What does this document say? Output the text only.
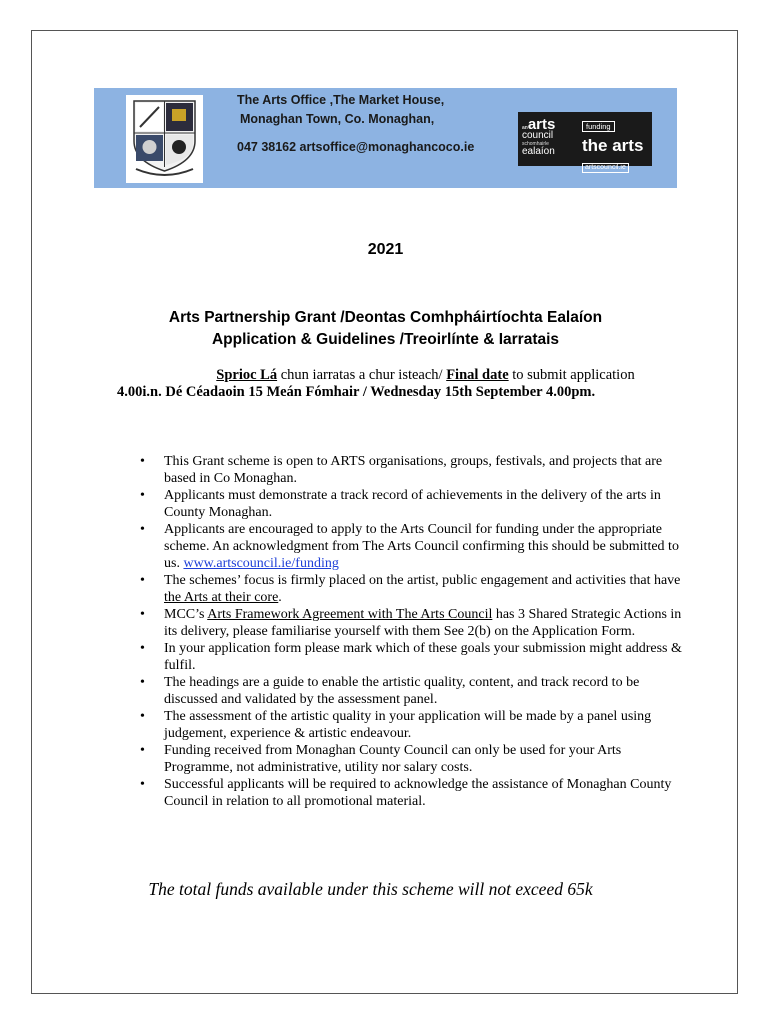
The Arts Office ,The Market House,
Monaghan Town, Co. Monaghan,
047 38162 artsoffice@monaghancoco.ie
anarts
council
schomhairle
ealaíon
funding
the arts
artscouncil.ie
2021
Arts Partnership Grant /Deontas Comhpháirtíochta Ealaíon
Application & Guidelines /Treoirlínte & Iarratais
Sprioc Lá chun iarratas a chur isteach/ Final date to submit application
4.00i.n. Dé Céadaoin 15 Meán Fómhair / Wednesday 15th September 4.00pm.
• This Grant scheme is open to ARTS organisations, groups, festivals, and projects that are based in Co Monaghan.
• Applicants must demonstrate a track record of achievements in the delivery of the arts in County Monaghan.
• Applicants are encouraged to apply to the Arts Council for funding under the appropriate scheme. An acknowledgment from The Arts Council confirming this should be submitted to us. www.artscouncil.ie/funding
• The schemes’ focus is firmly placed on the artist, public engagement and activities that have the Arts at their core.
• MCC’s Arts Framework Agreement with The Arts Council has 3 Shared Strategic Actions in its delivery, please familiarise yourself with them See 2(b) on the Application Form.
• In your application form please mark which of these goals your submission might address & fulfil.
• The headings are a guide to enable the artistic quality, content, and track record to be discussed and validated by the assessment panel.
• The assessment of the artistic quality in your application will be made by a panel using judgement, experience & artistic endeavour.
• Funding received from Monaghan County Council can only be used for your Arts Programme, not administrative, utility nor salary costs.
• Successful applicants will be required to acknowledge the assistance of Monaghan County Council in relation to all promotional material.
The total funds available under this scheme will not exceed 65k
